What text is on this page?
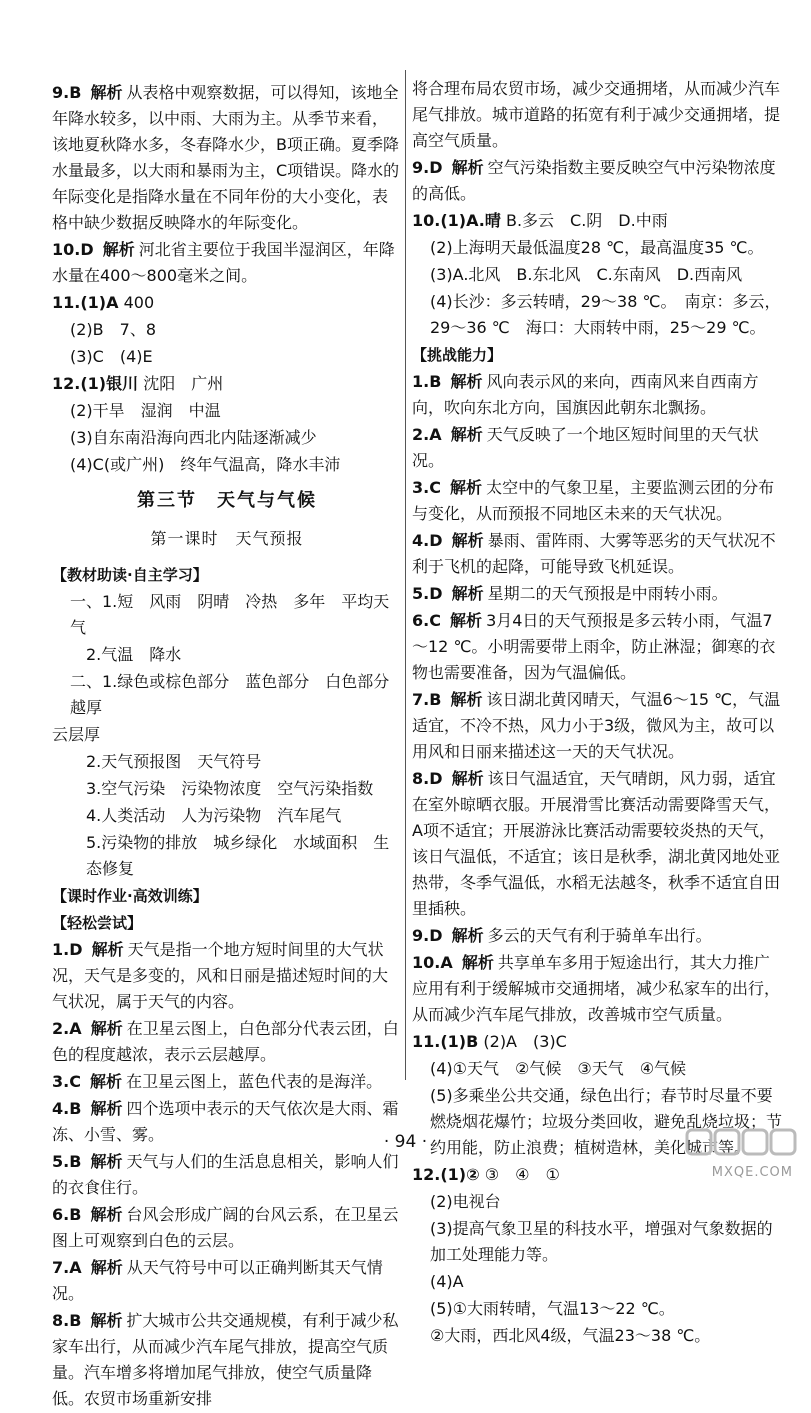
9.B 解析 从表格中观察数据，可以得知，该地全年降水较多，以中雨、大雨为主。从季节来看，该地夏秋降水多，冬春降水少，B项正确。夏季降水量最多，以大雨和暴雨为主，C项错误。降水的年际变化是指降水量在不同年份的大小变化，表格中缺少数据反映降水的年际变化。
10.D 解析 河北省主要位于我国半湿润区，年降水量在400～800毫米之间。
11.(1)A 400
(2)B　7、8
(3)C　(4)E
12.(1)银川 沈阳　广州
(2)干旱　湿润　中温
(3)自东南沿海向西北内陆逐渐减少
(4)C(或广州)　终年气温高，降水丰沛
第三节　天气与气候
第一课时　天气预报
【教材助读·自主学习】
一、1.短　风雨　阴晴　冷热　多年　平均天气
2.气温　降水
二、1.绿色或棕色部分　蓝色部分　白色部分　越厚
云层厚
2.天气预报图　天气符号
3.空气污染　污染物浓度　空气污染指数
4.人类活动　人为污染物　汽车尾气
5.污染物的排放　城乡绿化　水域面积　生态修复
【课时作业·高效训练】
【轻松尝试】
1.D 解析 天气是指一个地方短时间里的大气状况，天气是多变的，风和日丽是描述短时间的大气状况，属于天气的内容。
2.A 解析 在卫星云图上，白色部分代表云团，白色的程度越浓，表示云层越厚。
3.C 解析 在卫星云图上，蓝色代表的是海洋。
4.B 解析 四个选项中表示的天气依次是大雨、霜冻、小雪、雾。
5.B 解析 天气与人们的生活息息相关，影响人们的衣食住行。
6.B 解析 台风会形成广阔的台风云系，在卫星云图上可观察到白色的云层。
7.A 解析 从天气符号中可以正确判断其天气情况。
8.B 解析 扩大城市公共交通规模，有利于减少私家车出行，从而减少汽车尾气排放，提高空气质量。汽车增多将增加尾气排放，使空气质量降低。农贸市场重新安排
将合理布局农贸市场，减少交通拥堵，从而减少汽车尾气排放。城市道路的拓宽有利于减少交通拥堵，提高空气质量。
9.D 解析 空气污染指数主要反映空气中污染物浓度的高低。
10.(1)A.晴 B.多云　C.阴　D.中雨
(2)上海明天最低温度28 ℃，最高温度35 ℃。
(3)A.北风　B.东北风　C.东南风　D.西南风
(4)长沙：多云转晴，29～38 ℃。　南京：多云，29～36 ℃　海口：大雨转中雨，25～29 ℃。
【挑战能力】
1.B 解析 风向表示风的来向，西南风来自西南方向，吹向东北方向，国旗因此朝东北飘扬。
2.A 解析 天气反映了一个地区短时间里的天气状况。
3.C 解析 太空中的气象卫星，主要监测云团的分布与变化，从而预报不同地区未来的天气状况。
4.D 解析 暴雨、雷阵雨、大雾等恶劣的天气状况不利于飞机的起降，可能导致飞机延误。
5.D 解析 星期二的天气预报是中雨转小雨。
6.C 解析 3月4日的天气预报是多云转小雨，气温7～12 ℃。小明需要带上雨伞，防止淋湿；御寒的衣物也需要准备，因为气温偏低。
7.B 解析 该日湖北黄冈晴天，气温6～15 ℃，气温适宜，不冷不热，风力小于3级，微风为主，故可以用风和日丽来描述这一天的天气状况。
8.D 解析 该日气温适宜，天气晴朗，风力弱，适宜在室外晾晒衣服。开展滑雪比赛活动需要降雪天气，A项不适宜；开展游泳比赛活动需要较炎热的天气，该日气温低，不适宜；该日是秋季，湖北黄冈地处亚热带，冬季气温低，水稻无法越冬，秋季不适宜自田里插秧。
9.D 解析 多云的天气有利于骑单车出行。
10.A 解析 共享单车多用于短途出行，其大力推广应用有利于缓解城市交通拥堵，减少私家车的出行，从而减少汽车尾气排放，改善城市空气质量。
11.(1)B (2)A　(3)C
(4)①天气　②气候　③天气　④气候
(5)多乘坐公共交通，绿色出行；春节时尽量不要燃烧烟花爆竹；垃圾分类回收，避免乱烧垃圾；节约用能，防止浪费；植树造林，美化城市等。
12.(1)② ③　④　①
(2)电视台
(3)提高气象卫星的科技水平，增强对气象数据的加工处理能力等。
(4)A
(5)①大雨转晴，气温13～22 ℃。
②大雨，西北风4级，气温23～38 ℃。
· 94 ·
MXQE.COM
